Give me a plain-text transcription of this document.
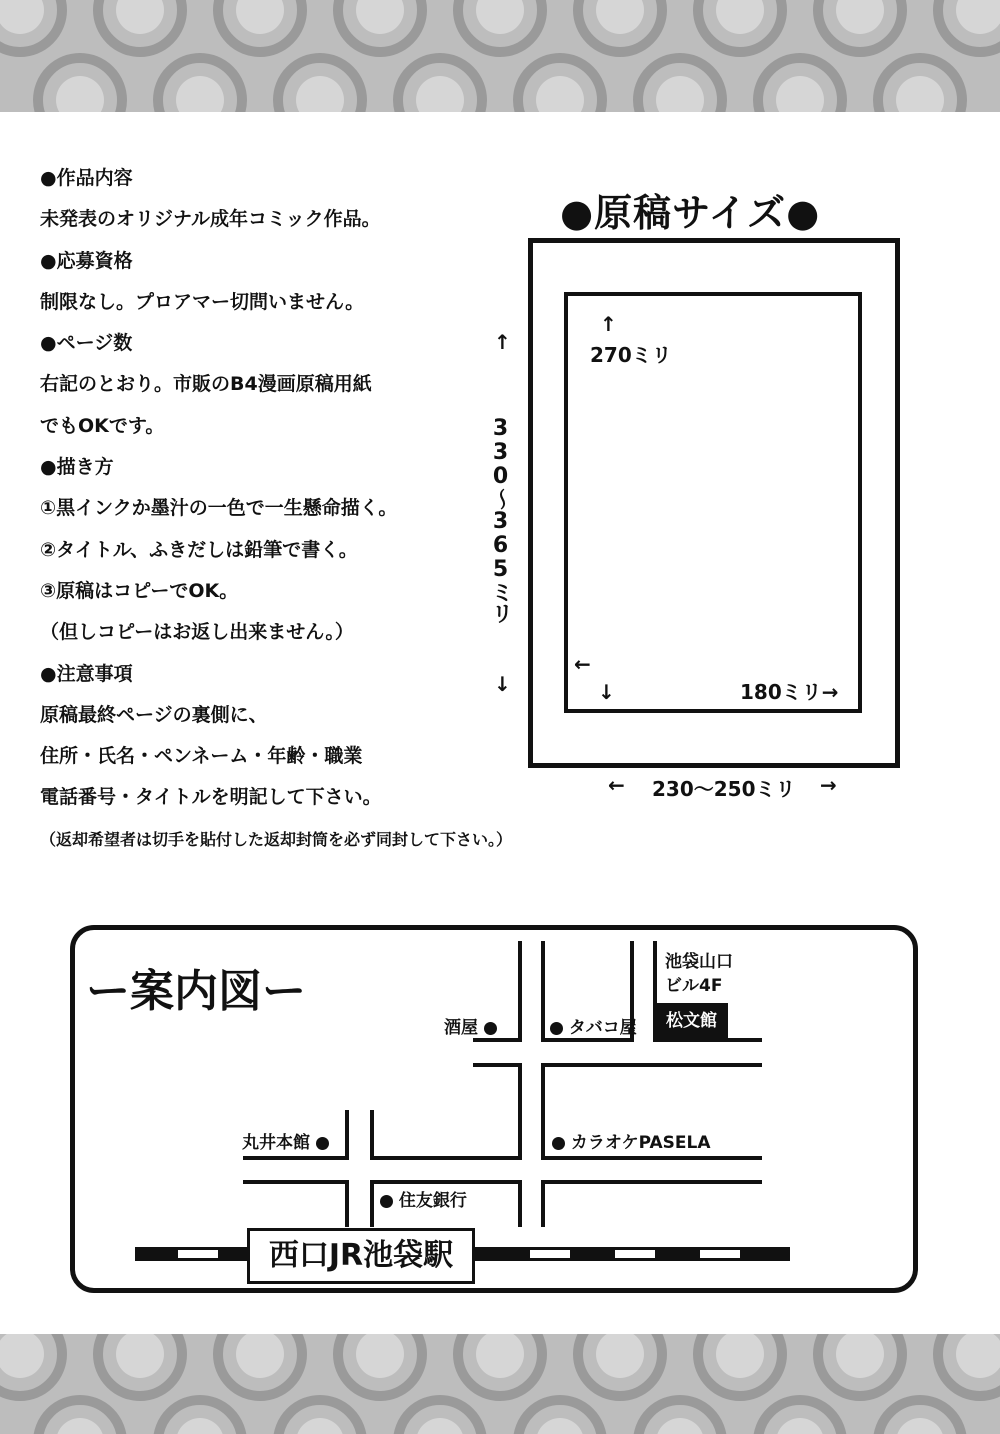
●作品内容
未発表のオリジナル成年コミック作品。
●応募資格
制限なし。プロアマー切問いません。
●ページ数
右記のとおり。市販のB4漫画原稿用紙
でもOKです。
●描き方
①黒インクか墨汁の一色で一生懸命描く。
②タイトル、ふきだしは鉛筆で書く。
③原稿はコピーでOK。
（但しコピーはお返し出来ません。）
●注意事項
原稿最終ページの裏側に、
住所・氏名・ペンネーム・年齢・職業
電話番号・タイトルを明記して下さい。
（返却希望者は切手を貼付した返却封筒を必ず同封して下さい。）
●原稿サイズ●
↑
270ミリ
←
↓	180ミリ→
↑
330〜365ミリ
↓
← 230〜250ミリ →
ー案内図ー
池袋山口
ビル4F
松文館
酒屋	タバコ屋
丸井本館	カラオケPASELA
住友銀行
西口JR池袋駅
